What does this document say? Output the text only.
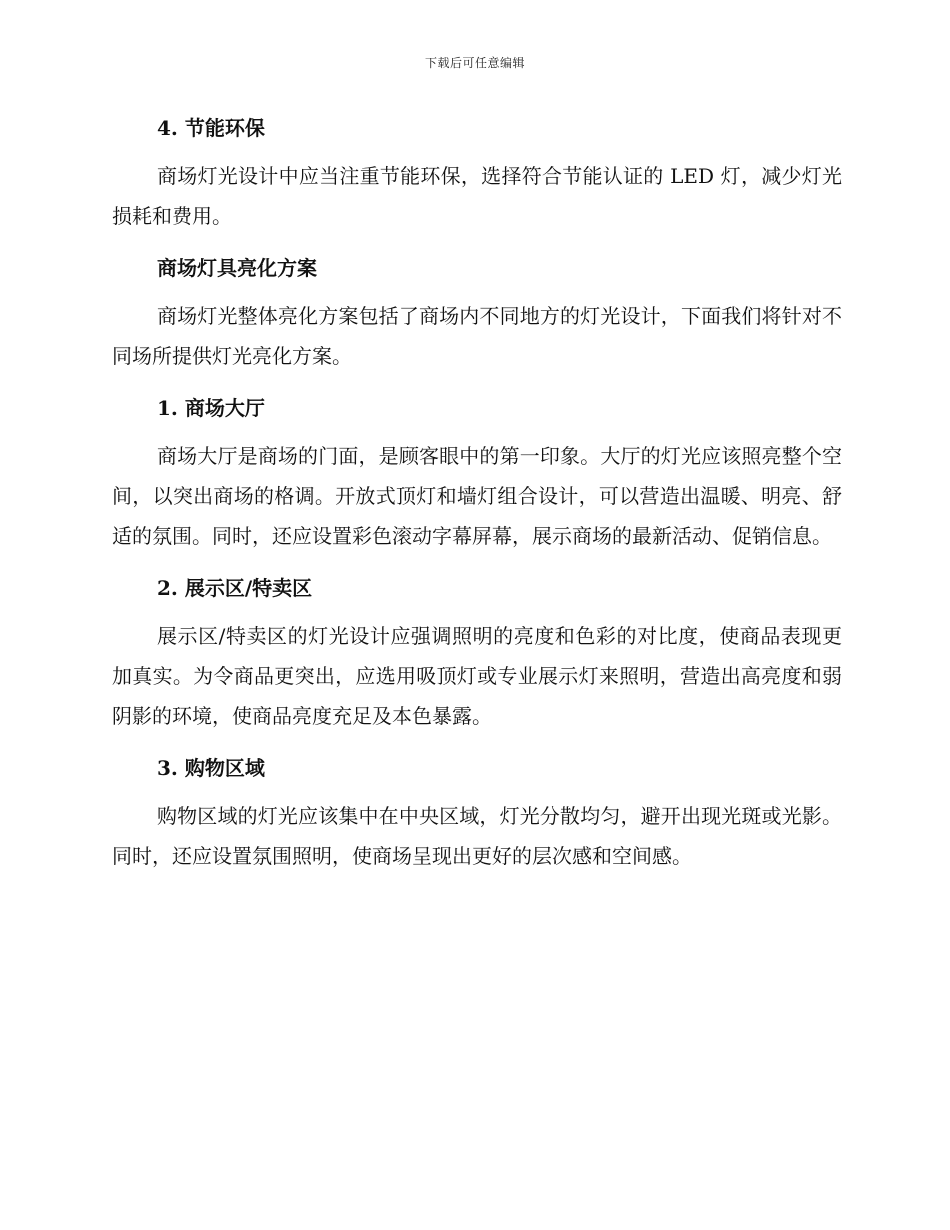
下载后可任意编辑
4. 节能环保

商场灯光设计中应当注重节能环保，选择符合节能认证的 LED 灯，减少灯光损耗和费用。

商场灯具亮化方案

商场灯光整体亮化方案包括了商场内不同地方的灯光设计，下面我们将针对不同场所提供灯光亮化方案。

1. 商场大厅

商场大厅是商场的门面，是顾客眼中的第一印象。大厅的灯光应该照亮整个空间，以突出商场的格调。开放式顶灯和墙灯组合设计，可以营造出温暖、明亮、舒适的氛围。同时，还应设置彩色滚动字幕屏幕，展示商场的最新活动、促销信息。

2. 展示区/特卖区

展示区/特卖区的灯光设计应强调照明的亮度和色彩的对比度，使商品表现更加真实。为令商品更突出，应选用吸顶灯或专业展示灯来照明，营造出高亮度和弱阴影的环境，使商品亮度充足及本色暴露。

3. 购物区域

购物区域的灯光应该集中在中央区域，灯光分散均匀，避开出现光斑或光影。同时，还应设置氛围照明，使商场呈现出更好的层次感和空间感。
